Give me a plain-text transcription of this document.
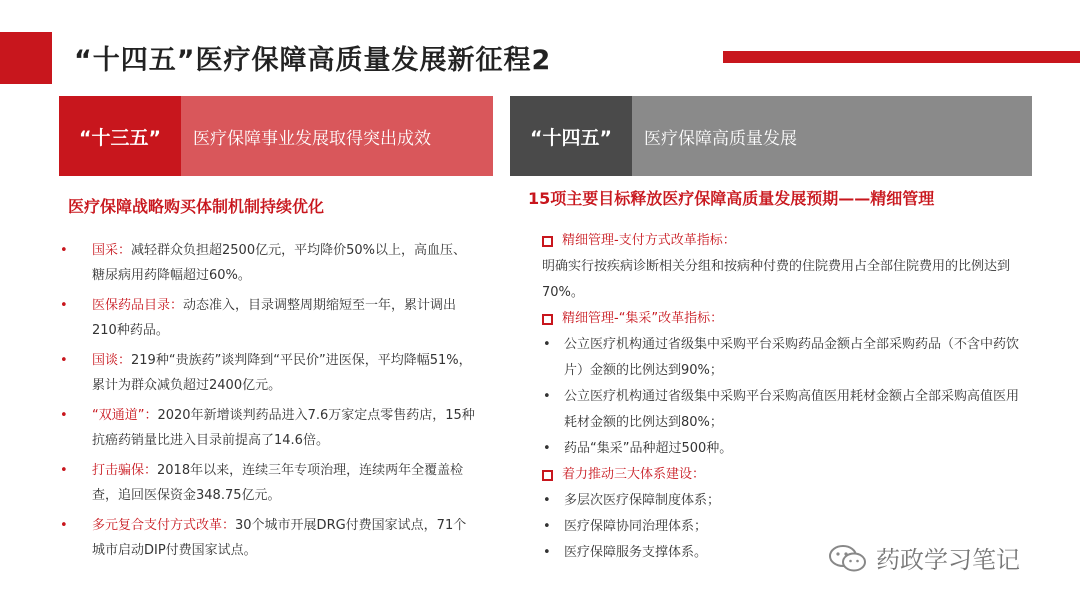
“十四五”医疗保障高质量发展新征程2
“十三五”	医疗保障事业发展取得突出成效	“十四五”	医疗保障高质量发展
医疗保障战略购买体制机制持续优化	15项主要目标释放医疗保障高质量发展预期——精细管理
• 国采：减轻群众负担超2500亿元，平均降价50%以上，高血压、糖尿病用药降幅超过60%。
• 医保药品目录：动态准入，目录调整周期缩短至一年，累计调出210种药品。
• 国谈：219种“贵族药”谈判降到“平民价”进医保，平均降幅51%，累计为群众减负超过2400亿元。
• “双通道”：2020年新增谈判药品进入7.6万家定点零售药店，15种抗癌药销量比进入目录前提高了14.6倍。
• 打击骗保：2018年以来，连续三年专项治理，连续两年全覆盖检查，追回医保资金348.75亿元。
• 多元复合支付方式改革：30个城市开展DRG付费国家试点，71个城市启动DIP付费国家试点。
精细管理-支付方式改革指标：
明确实行按疾病诊断相关分组和按病种付费的住院费用占全部住院费用的比例达到70%。
精细管理-“集采”改革指标：
• 公立医疗机构通过省级集中采购平台采购药品金额占全部采购药品（不含中药饮片）金额的比例达到90%；
• 公立医疗机构通过省级集中采购平台采购高值医用耗材金额占全部采购高值医用耗材金额的比例达到80%；
• 药品“集采”品种超过500种。
着力推动三大体系建设：
• 多层次医疗保障制度体系；
• 医疗保障协同治理体系；
• 医疗保障服务支撑体系。	药政学习笔记
